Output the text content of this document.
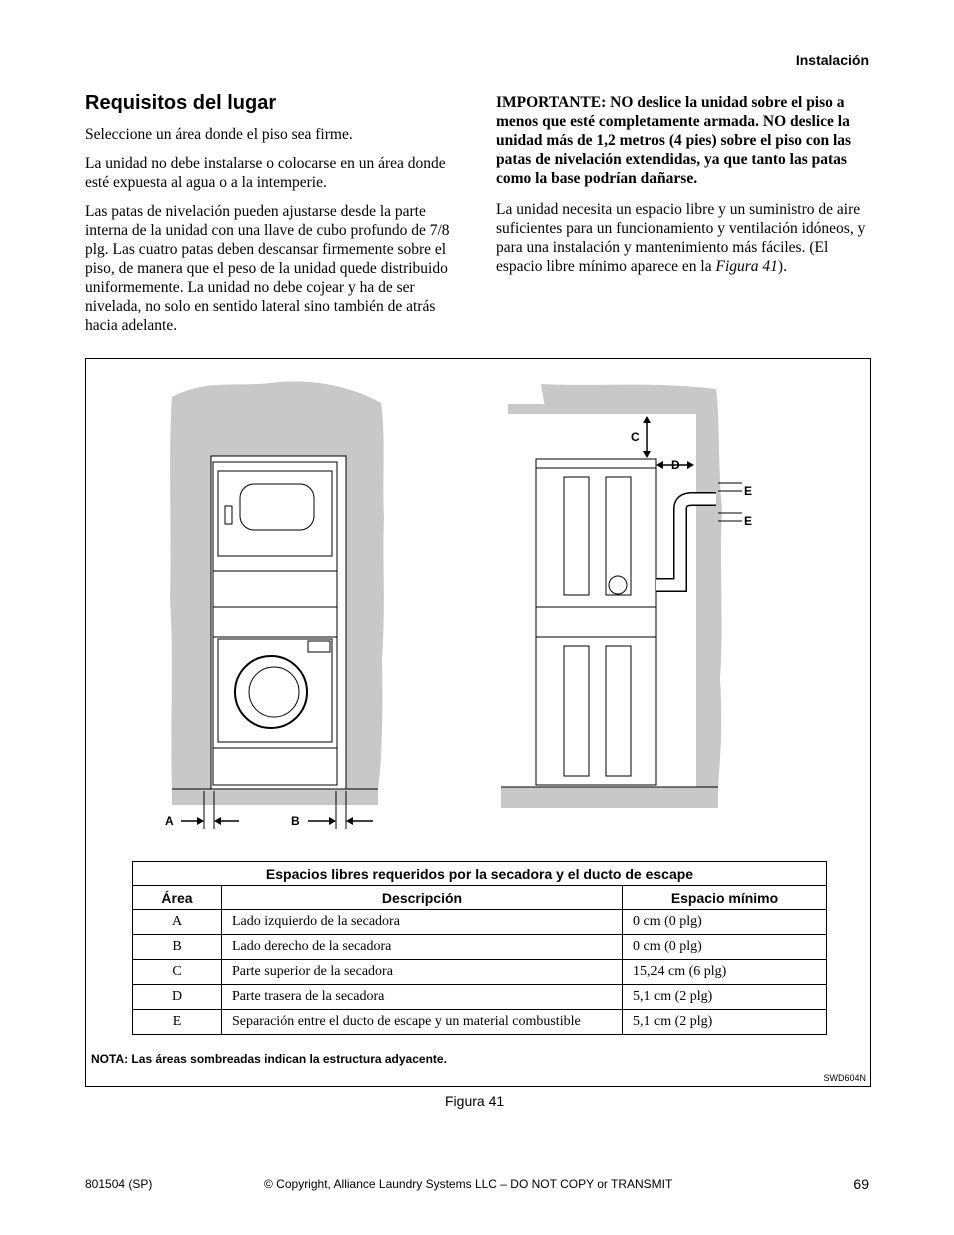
Instalación
Requisitos del lugar

Seleccione un área donde el piso sea firme.

La unidad no debe instalarse o colocarse en un área donde esté expuesta al agua o a la intemperie.

Las patas de nivelación pueden ajustarse desde la parte interna de la unidad con una llave de cubo profundo de 7/8 plg. Las cuatro patas deben descansar firmemente sobre el piso, de manera que el peso de la unidad quede distribuido uniformemente. La unidad no debe cojear y ha de ser nivelada, no solo en sentido lateral sino también de atrás hacia adelante.

IMPORTANTE: NO deslice la unidad sobre el piso a menos que esté completamente armada. NO deslice la unidad más de 1,2 metros (4 pies) sobre el piso con las patas de nivelación extendidas, ya que tanto las patas como la base podrían dañarse.

La unidad necesita un espacio libre y un suministro de aire suficientes para un funcionamiento y ventilación idóneos, y para una instalación y mantenimiento más fáciles. (El espacio libre mínimo aparece en la Figura 41).

A	B
C
D
E
E
Espacios libres requeridos por la secadora y el ducto de escape		
Área	Descripción	Espacio mínimo
A	Lado izquierdo de la secadora	0 cm (0 plg)
B	Lado derecho de la secadora	0 cm (0 plg)
C	Parte superior de la secadora	15,24 cm (6 plg)
D	Parte trasera de la secadora	5,1 cm (2 plg)
E	Separación entre el ducto de escape y un material combustible	5,1 cm (2 plg)
NOTA: Las áreas sombreadas indican la estructura adyacente.
SWD604N
Figura 41
801504 (SP)	© Copyright, Alliance Laundry Systems LLC – DO NOT COPY or TRANSMIT	69
